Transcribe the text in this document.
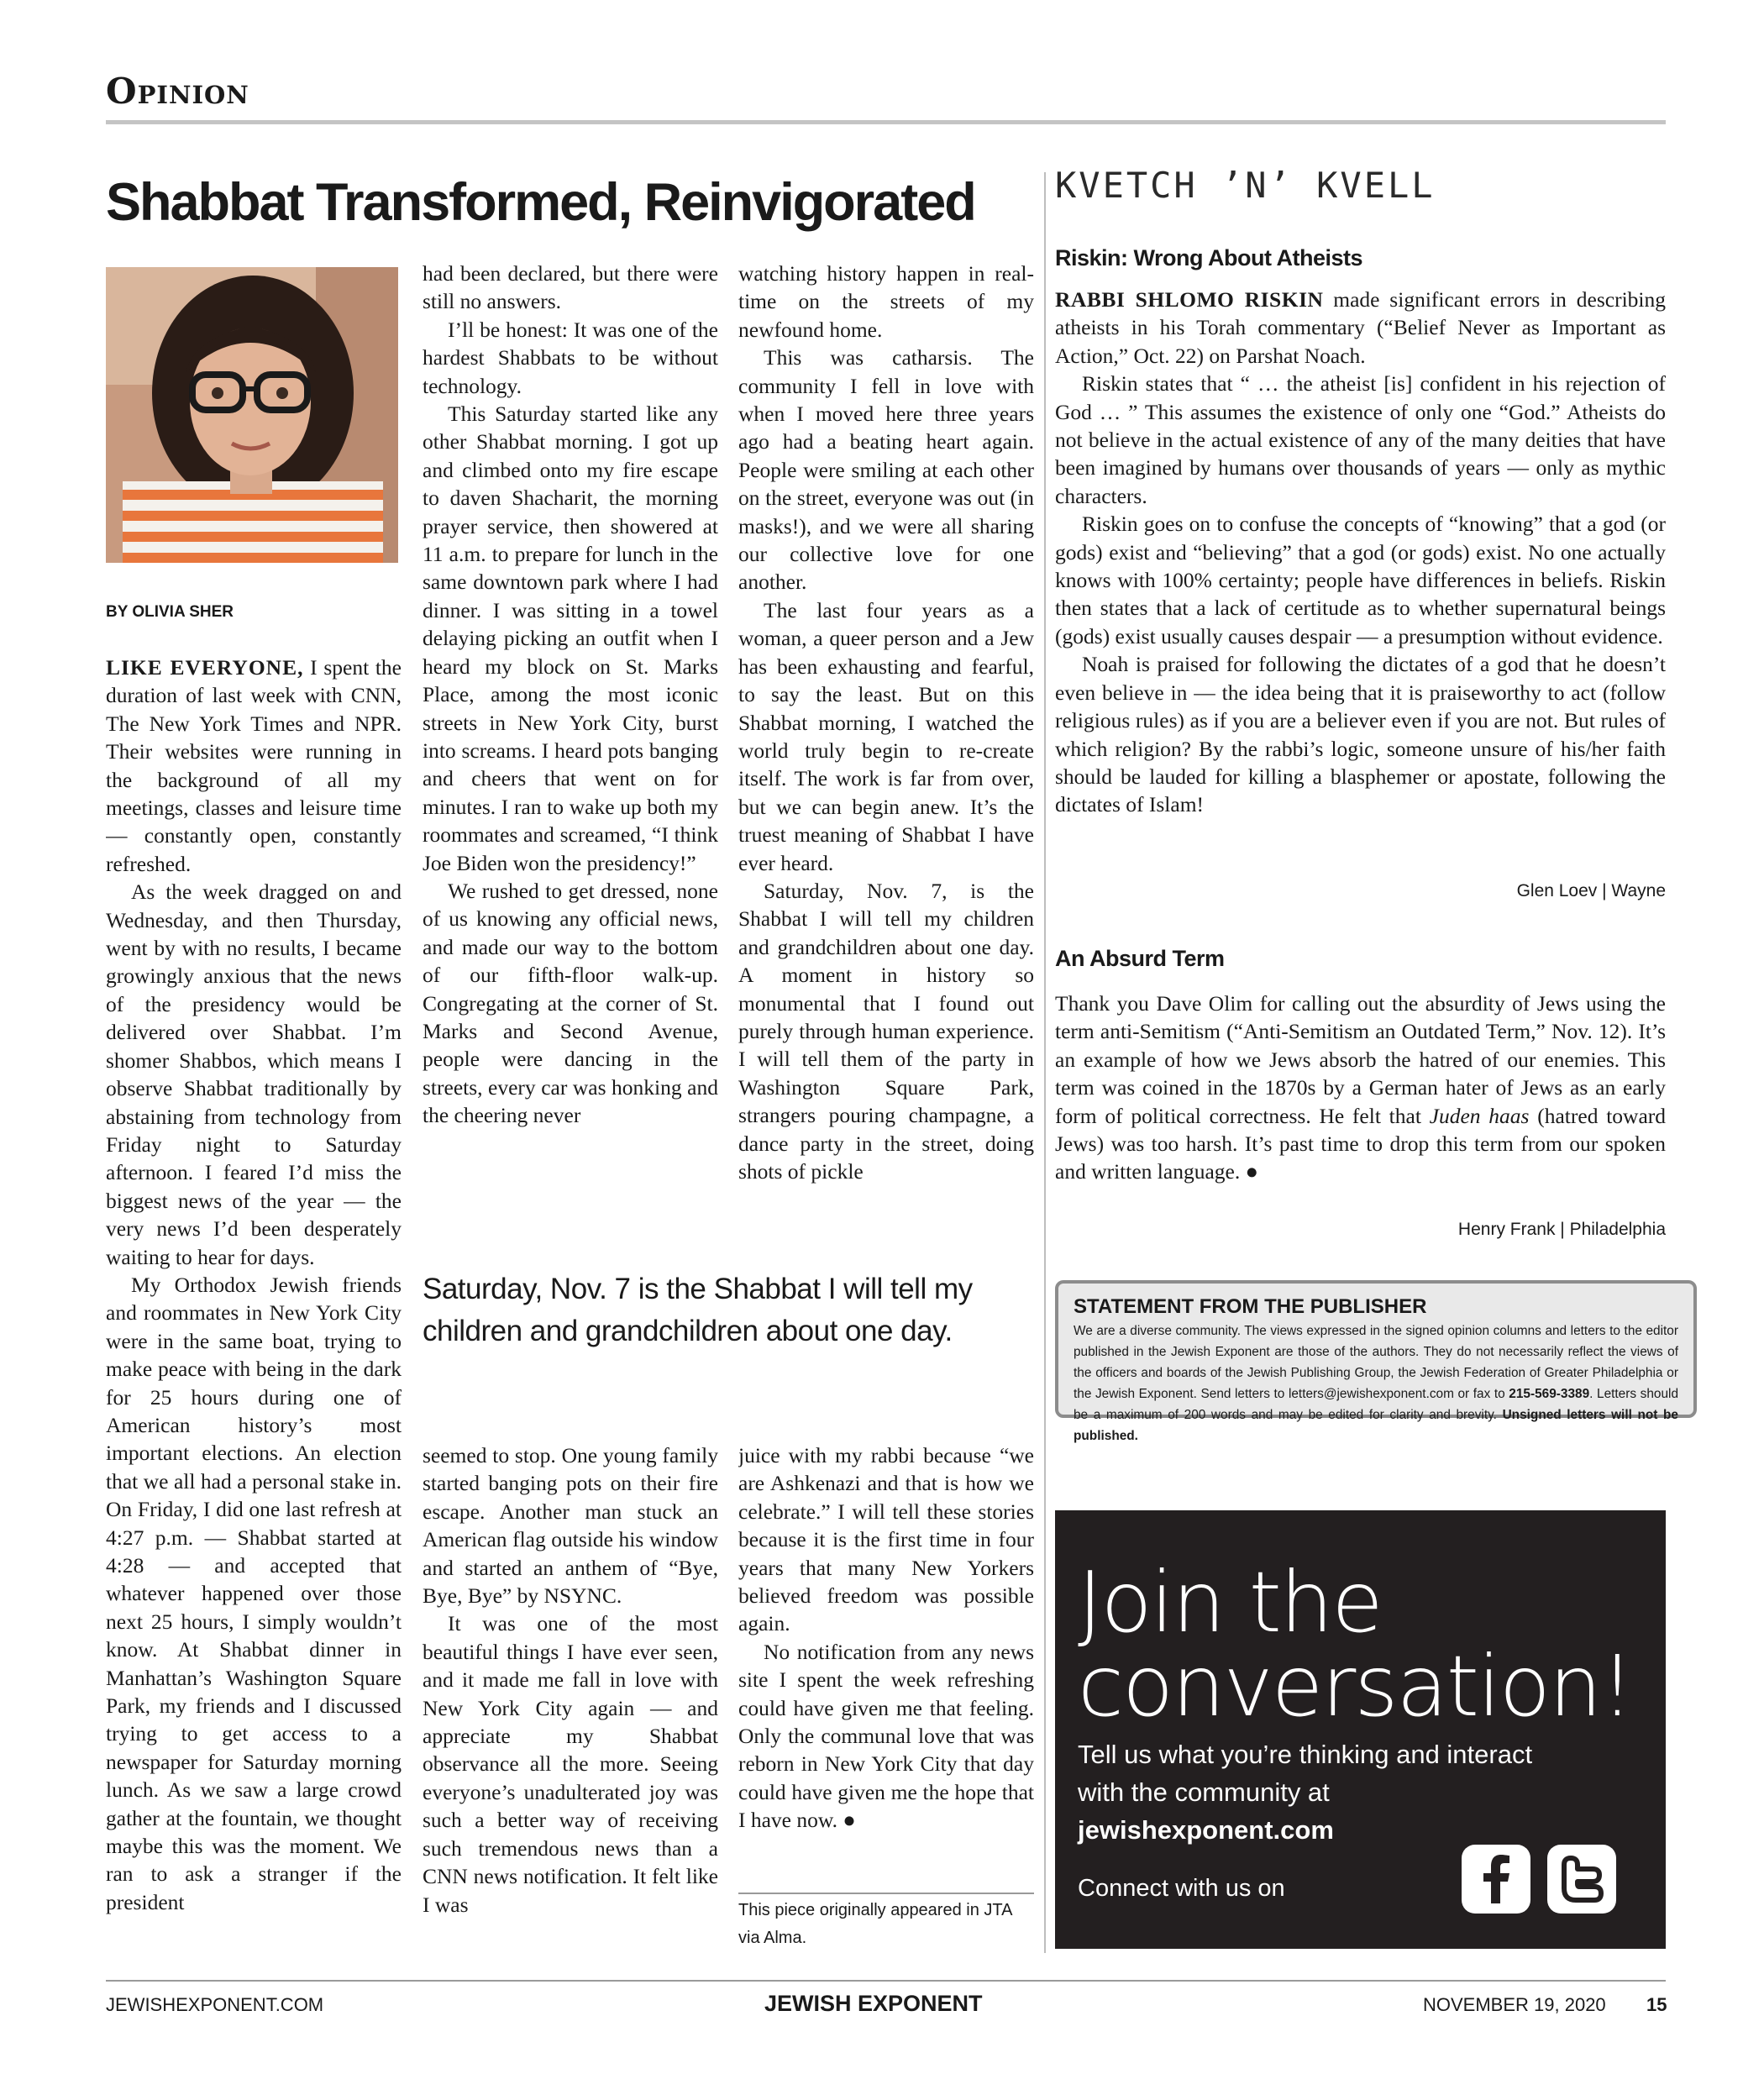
Opinion
Shabbat Transformed, Reinvigorated
BY OLIVIA SHER

LIKE EVERYONE, I spent the duration of last week with CNN, The New York Times and NPR. Their websites were running in the background of all my meetings, classes and leisure time — constantly open, constantly refreshed.

As the week dragged on and Wednesday, and then Thursday, went by with no results, I became growingly anxious that the news of the presidency would be delivered over Shabbat. I’m shomer Shabbos, which means I observe Shabbat traditionally by abstaining from technology from Friday night to Saturday afternoon. I feared I’d miss the biggest news of the year — the very news I’d been desperately waiting to hear for days.

My Orthodox Jewish friends and roommates in New York City were in the same boat, trying to make peace with being in the dark for 25 hours during one of American history’s most important elections. An election that we all had a personal stake in. On Friday, I did one last refresh at 4:27 p.m. — Shabbat started at 4:28 — and accepted that whatever happened over those next 25 hours, I simply wouldn’t know. At Shabbat dinner in Manhattan’s Washington Square Park, my friends and I discussed trying to get access to a newspaper for Saturday morning lunch. As we saw a large crowd gather at the fountain, we thought maybe this was the moment. We ran to ask a stranger if the president

had been declared, but there were still no answers.

I’ll be honest: It was one of the hardest Shabbats to be without technology.

This Saturday started like any other Shabbat morning. I got up and climbed onto my fire escape to daven Shacharit, the morning prayer service, then showered at 11 a.m. to prepare for lunch in the same downtown park where I had dinner. I was sitting in a towel delaying picking an outfit when I heard my block on St. Marks Place, among the most iconic streets in New York City, burst into screams. I heard pots banging and cheers that went on for minutes. I ran to wake up both my roommates and screamed, “I think Joe Biden won the presidency!”

We rushed to get dressed, none of us knowing any official news, and made our way to the bottom of our fifth-floor walk-up. Congregating at the corner of St. Marks and Second Avenue, people were dancing in the streets, every car was honking and the cheering never

watching history happen in real-time on the streets of my newfound home.

This was catharsis. The community I fell in love with when I moved here three years ago had a beating heart again. People were smiling at each other on the street, everyone was out (in masks!), and we were all sharing our collective love for one another.

The last four years as a woman, a queer person and a Jew has been exhausting and fearful, to say the least. But on this Shabbat morning, I watched the world truly begin to re-create itself. The work is far from over, but we can begin anew. It’s the truest meaning of Shabbat I have ever heard.

Saturday, Nov. 7, is the Shabbat I will tell my children and grandchildren about one day. A moment in history so monumental that I found out purely through human experience. I will tell them of the party in Washington Square Park, strangers pouring champagne, a dance party in the street, doing shots of pickle

Saturday, Nov. 7 is the Shabbat I will tell my children and grandchildren about one day.

seemed to stop. One young family started banging pots on their fire escape. Another man stuck an American flag outside his window and started an anthem of “Bye, Bye, Bye” by NSYNC.

It was one of the most beautiful things I have ever seen, and it made me fall in love with New York City again — and appreciate my Shabbat observance all the more. Seeing everyone’s unadulterated joy was such a better way of receiving such tremendous news than a CNN news notification. It felt like I was

juice with my rabbi because “we are Ashkenazi and that is how we celebrate.” I will tell these stories because it is the first time in four years that many New Yorkers believed freedom was possible again.

No notification from any news site I spent the week refreshing could have given me that feeling. Only the communal love that was reborn in New York City that day could have given me the hope that I have now. ●

This piece originally appeared in JTA via Alma.
KVETCH ’N’ KVELL
Riskin: Wrong About Atheists

RABBI SHLOMO RISKIN made significant errors in describing atheists in his Torah commentary (“Belief Never as Important as Action,” Oct. 22) on Parshat Noach.

Riskin states that “ … the atheist [is] confident in his rejection of God … ” This assumes the existence of only one “God.” Atheists do not believe in the actual existence of any of the many deities that have been imagined by humans over thousands of years — only as mythic characters.

Riskin goes on to confuse the concepts of “knowing” that a god (or gods) exist and “believing” that a god (or gods) exist. No one actually knows with 100% certainty; people have differences in beliefs. Riskin then states that a lack of certitude as to whether supernatural beings (gods) exist usually causes despair — a presumption without evidence.

Noah is praised for following the dictates of a god that he doesn’t even believe in — the idea being that it is praiseworthy to act (follow religious rules) as if you are a believer even if you are not. But rules of which religion? By the rabbi’s logic, someone unsure of his/her faith should be lauded for killing a blasphemer or apostate, following the dictates of Islam!

Glen Loev | Wayne
An Absurd Term

Thank you Dave Olim for calling out the absurdity of Jews using the term anti-Semitism (“Anti-Semitism an Outdated Term,” Nov. 12). It’s an example of how we Jews absorb the hatred of our enemies. This term was coined in the 1870s by a German hater of Jews as an early form of political correctness. He felt that Juden haas (hatred toward Jews) was too harsh. It’s past time to drop this term from our spoken and written language. ●

Henry Frank | Philadelphia
STATEMENT FROM THE PUBLISHER
We are a diverse community. The views expressed in the signed opinion columns and letters to the editor published in the Jewish Exponent are those of the authors. They do not necessarily reflect the views of the officers and boards of the Jewish Publishing Group, the Jewish Federation of Greater Philadelphia or the Jewish Exponent. Send letters to letters@jewishexponent.com or fax to 215-569-3389. Letters should be a maximum of 200 words and may be edited for clarity and brevity. Unsigned letters will not be published.
Join the conversation!
Tell us what you’re thinking and interact with the community at jewishexponent.com
Connect with us on
JEWISHEXPONENT.COM	JEWISH EXPONENT	NOVEMBER 19, 2020 15
